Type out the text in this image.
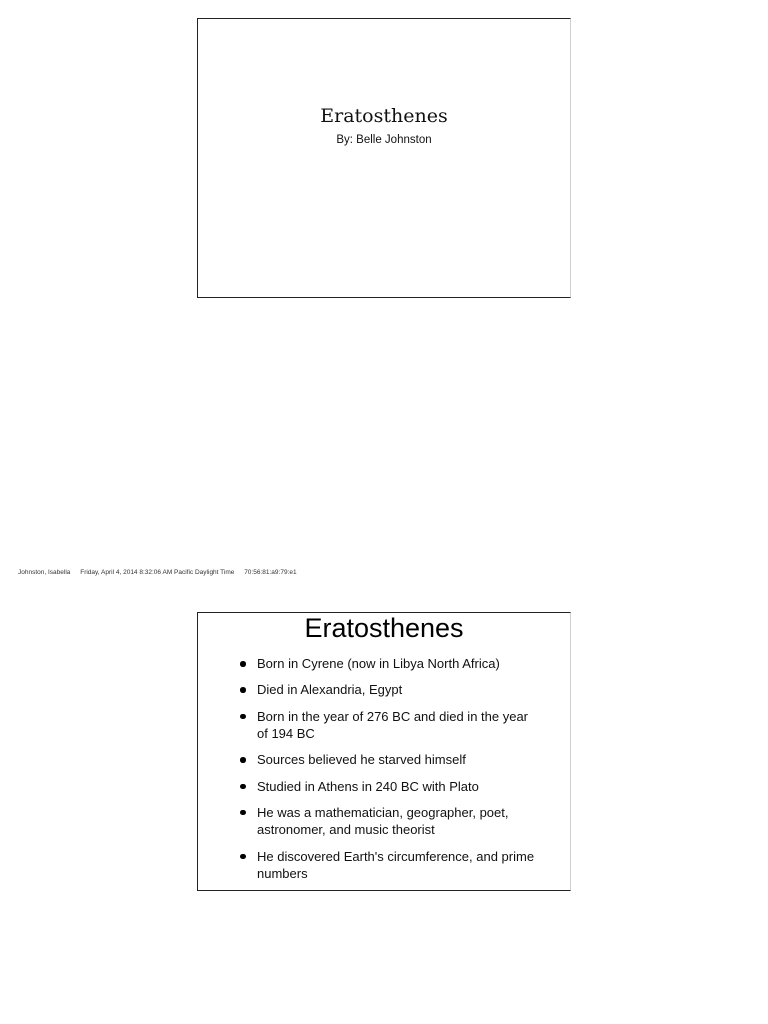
Eratosthenes
By: Belle Johnston
Johnston, Isabella Friday, April 4, 2014 8:32:06 AM Pacific Daylight Time 70:56:81:a9:79:e1
Eratosthenes
Born in Cyrene (now in Libya North Africa)
Died in Alexandria, Egypt
Born in the year of 276 BC and died in the year of 194 BC
Sources believed he starved himself
Studied in Athens in 240 BC with Plato
He was a mathematician, geographer, poet, astronomer, and music theorist
He discovered Earth's circumference, and prime numbers
